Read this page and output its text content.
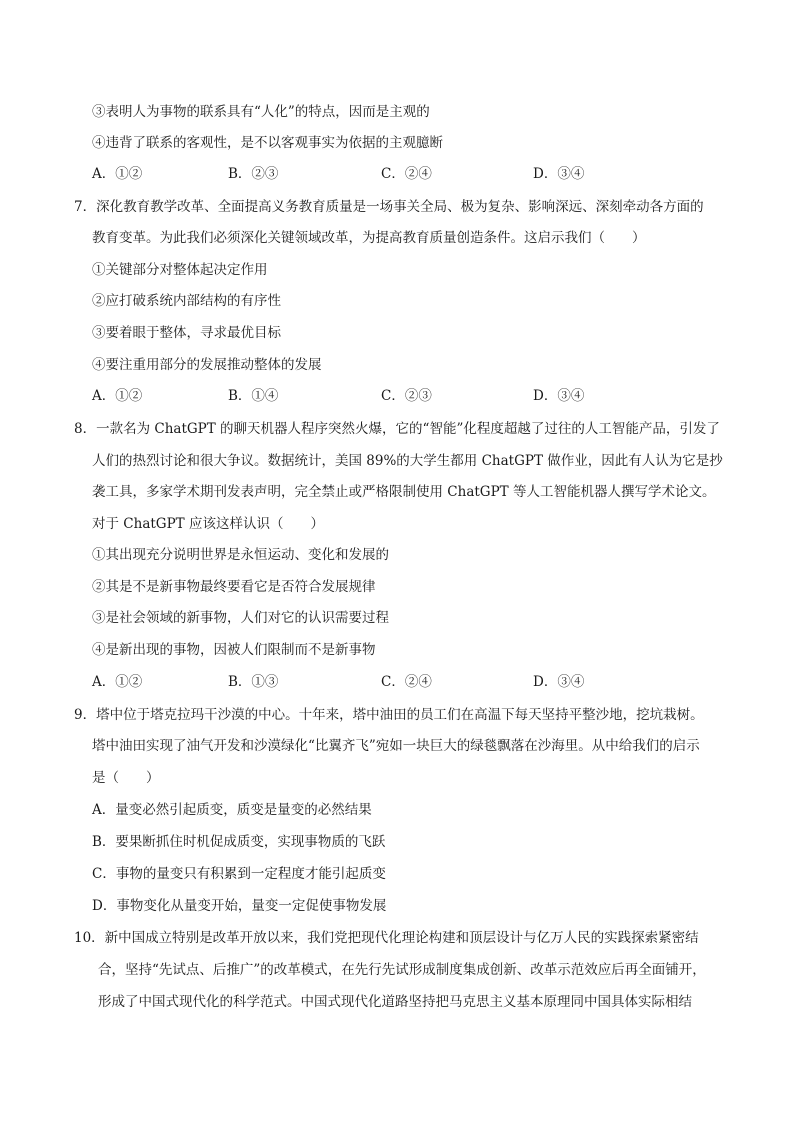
③表明人为事物的联系具有“人化”的特点，因而是主观的
④违背了联系的客观性，是不以客观事实为依据的主观臆断
A．①②	B．②③	C．②④	D．③④
7．深化教育教学改革、全面提高义务教育质量是一场事关全局、极为复杂、影响深远、深刻牵动各方面的
教育变革。为此我们必须深化关键领域改革，为提高教育质量创造条件。这启示我们（　　）
①关键部分对整体起决定作用
②应打破系统内部结构的有序性
③要着眼于整体，寻求最优目标
④要注重用部分的发展推动整体的发展
A．①②	B．①④	C．②③	D．③④
8．一款名为 ChatGPT 的聊天机器人程序突然火爆，它的“智能”化程度超越了过往的人工智能产品，引发了
人们的热烈讨论和很大争议。数据统计，美国 89%的大学生都用 ChatGPT 做作业，因此有人认为它是抄
袭工具，多家学术期刊发表声明，完全禁止或严格限制使用 ChatGPT 等人工智能机器人撰写学术论文。
对于 ChatGPT 应该这样认识（　　）
①其出现充分说明世界是永恒运动、变化和发展的
②其是不是新事物最终要看它是否符合发展规律
③是社会领域的新事物，人们对它的认识需要过程
④是新出现的事物，因被人们限制而不是新事物
A．①②	B．①③	C．②④	D．③④
9．塔中位于塔克拉玛干沙漠的中心。十年来，塔中油田的员工们在高温下每天坚持平整沙地，挖坑栽树。
塔中油田实现了油气开发和沙漠绿化“比翼齐飞”宛如一块巨大的绿毯飘落在沙海里。从中给我们的启示
是（　　）
A．量变必然引起质变，质变是量变的必然结果
B．要果断抓住时机促成质变，实现事物质的飞跃
C．事物的量变只有积累到一定程度才能引起质变
D．事物变化从量变开始，量变一定促使事物发展
10．新中国成立特别是改革开放以来，我们党把现代化理论构建和顶层设计与亿万人民的实践探索紧密结
合，坚持“先试点、后推广”的改革模式，在先行先试形成制度集成创新、改革示范效应后再全面铺开，
形成了中国式现代化的科学范式。中国式现代化道路坚持把马克思主义基本原理同中国具体实际相结
